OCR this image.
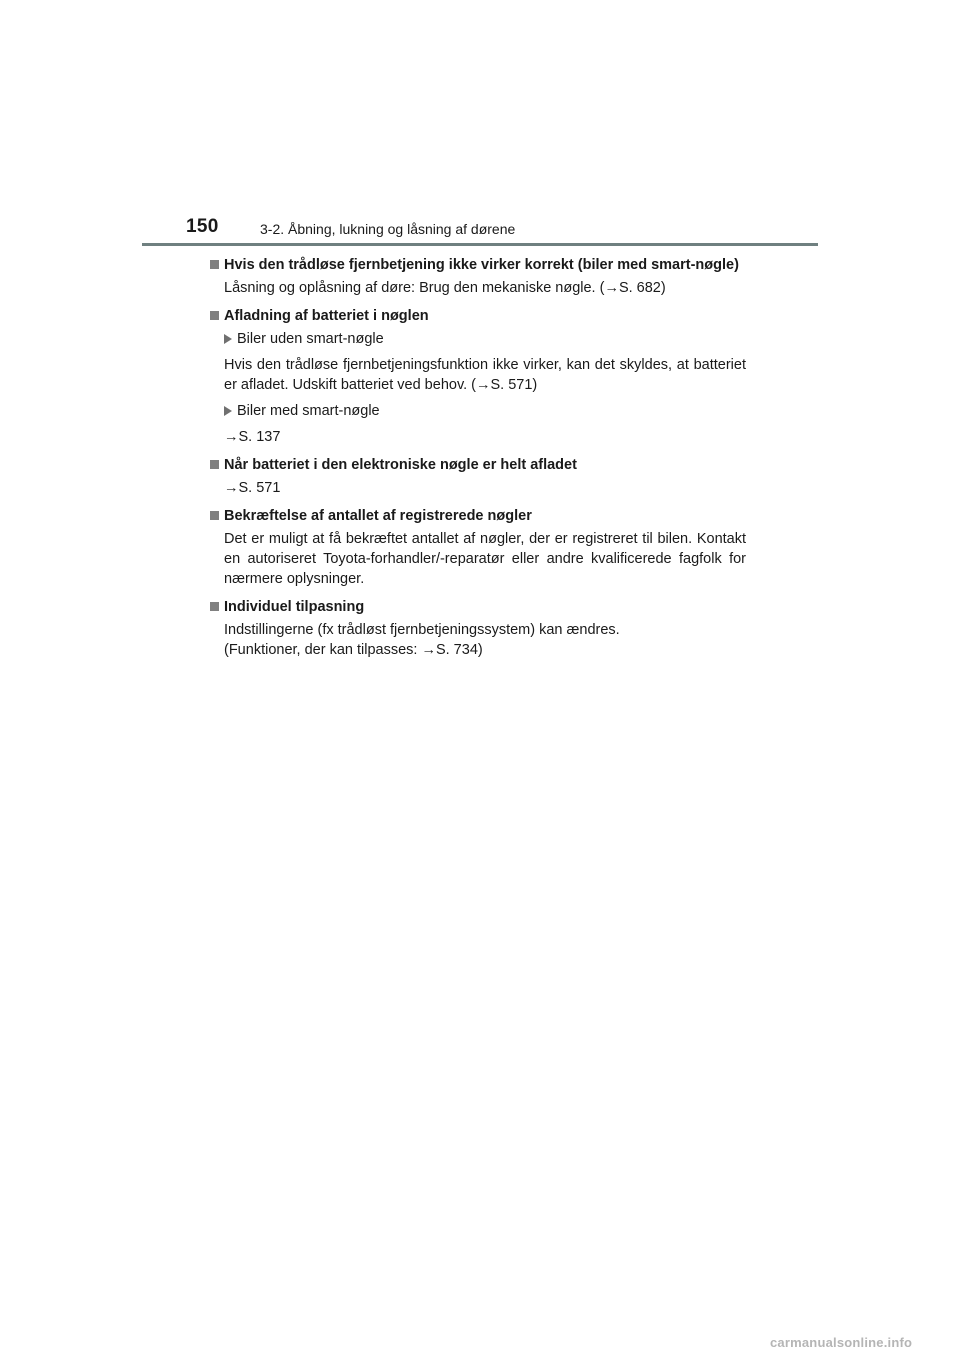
150	3-2. Åbning, lukning og låsning af dørene
Hvis den trådløse fjernbetjening ikke virker korrekt (biler med smart-nøgle)
Låsning og oplåsning af døre: Brug den mekaniske nøgle. (→S. 682)
Afladning af batteriet i nøglen
Biler uden smart-nøgle
Hvis den trådløse fjernbetjeningsfunktion ikke virker, kan det skyldes, at batteriet er afladet. Udskift batteriet ved behov. (→S. 571)
Biler med smart-nøgle
→S. 137
Når batteriet i den elektroniske nøgle er helt afladet
→S. 571
Bekræftelse af antallet af registrerede nøgler
Det er muligt at få bekræftet antallet af nøgler, der er registreret til bilen. Kontakt en autoriseret Toyota-forhandler/-reparatør eller andre kvalificerede fagfolk for nærmere oplysninger.
Individuel tilpasning
Indstillingerne (fx trådløst fjernbetjeningssystem) kan ændres.
(Funktioner, der kan tilpasses: →S. 734)
carmanualsonline.info
